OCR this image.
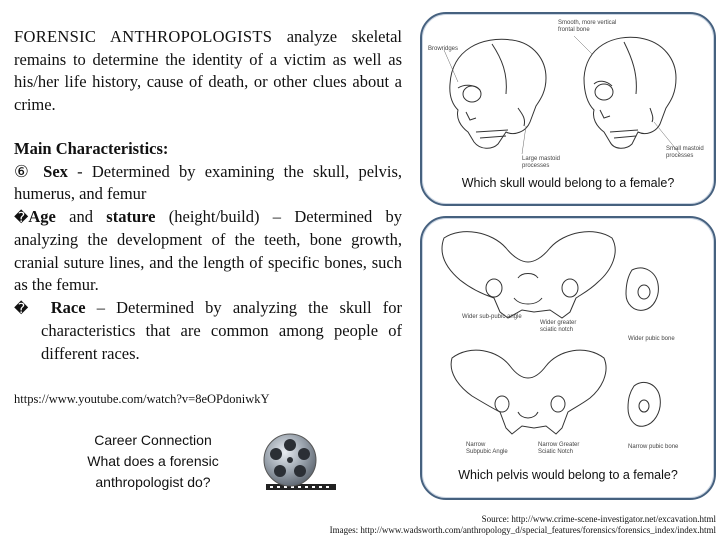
FORENSIC ANTHROPOLOGISTS analyze skeletal remains to determine the identity of a victim as well as his/her life history, cause of death, or other clues about a crime.

Main Characteristics:

⑥ Sex - Determined by examining the skull, pelvis, humerus, and femur

�Age and stature (height/build) – Determined by analyzing the development of the teeth, bone growth, cranial suture lines, and the length of specific bones, such as the femur.

� Race – Determined by analyzing the skull for characteristics that are common among people of different races.

https://www.youtube.com/watch?v=8eOPdoniwkY
Career Connection
What does a forensic
anthropologist do?
Browridges
Smooth, more vertical frontal bone
Large mastoid processes
Small mastoid processes
Which skull would belong to a female?
Wider sub-pubic angle
Wider greater sciatic notch
Wider pubic bone
Narrow Subpubic Angle
Narrow Greater Sciatic Notch
Narrow pubic bone
Which pelvis would belong to a female?
Source: http://www.crime-scene-investigator.net/excavation.html
Images: http://www.wadsworth.com/anthropology_d/special_features/forensics/forensics_index/index.html
